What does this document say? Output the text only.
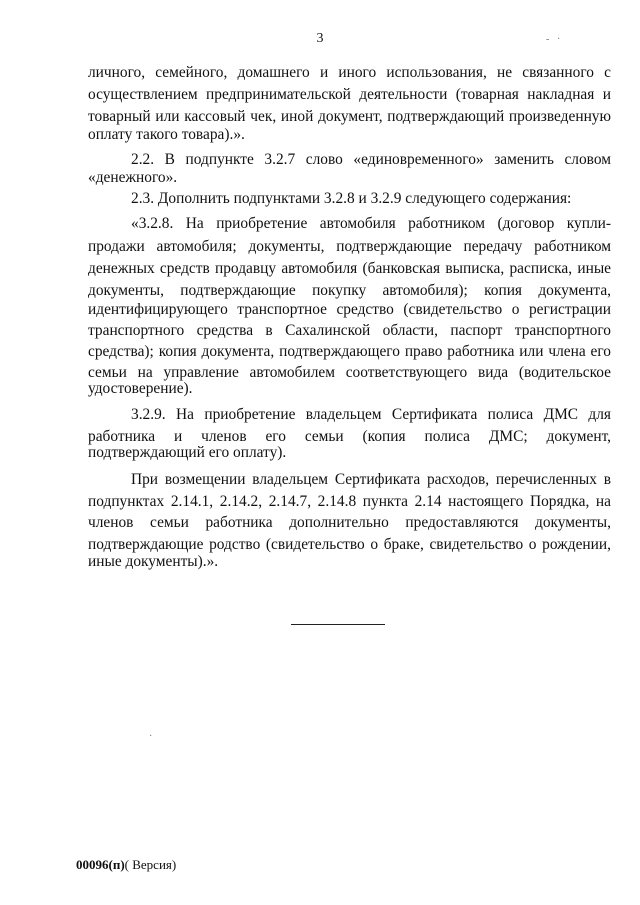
3	- ·
личного, семейного, домашнего и иного использования, не связанного с
осуществлением предпринимательской деятельности (товарная накладная и
товарный или кассовый чек, иной документ, подтверждающий произведенную
оплату такого товара).».
2.2. В подпункте 3.2.7 слово «единовременного» заменить словом
«денежного».
2.3. Дополнить подпунктами 3.2.8 и 3.2.9 следующего содержания:
«3.2.8. На приобретение автомобиля работником (договор купли-
продажи автомобиля; документы, подтверждающие передачу работником
денежных средств продавцу автомобиля (банковская выписка, расписка, иные
документы, подтверждающие покупку автомобиля); копия документа,
идентифицирующего транспортное средство (свидетельство о регистрации
транспортного средства в Сахалинской области, паспорт транспортного
средства); копия документа, подтверждающего право работника или члена его
семьи на управление автомобилем соответствующего вида (водительское
удостоверение).
3.2.9. На приобретение владельцем Сертификата полиса ДМС для
работника и членов его семьи (копия полиса ДМС; документ,
подтверждающий его оплату).
При возмещении владельцем Сертификата расходов, перечисленных в
подпунктах 2.14.1, 2.14.2, 2.14.7, 2.14.8 пункта 2.14 настоящего Порядка, на
членов семьи работника дополнительно предоставляются документы,
подтверждающие родство (свидетельство о браке, свидетельство о рождении,
иные документы).».
·
00096(п)( Версия)
